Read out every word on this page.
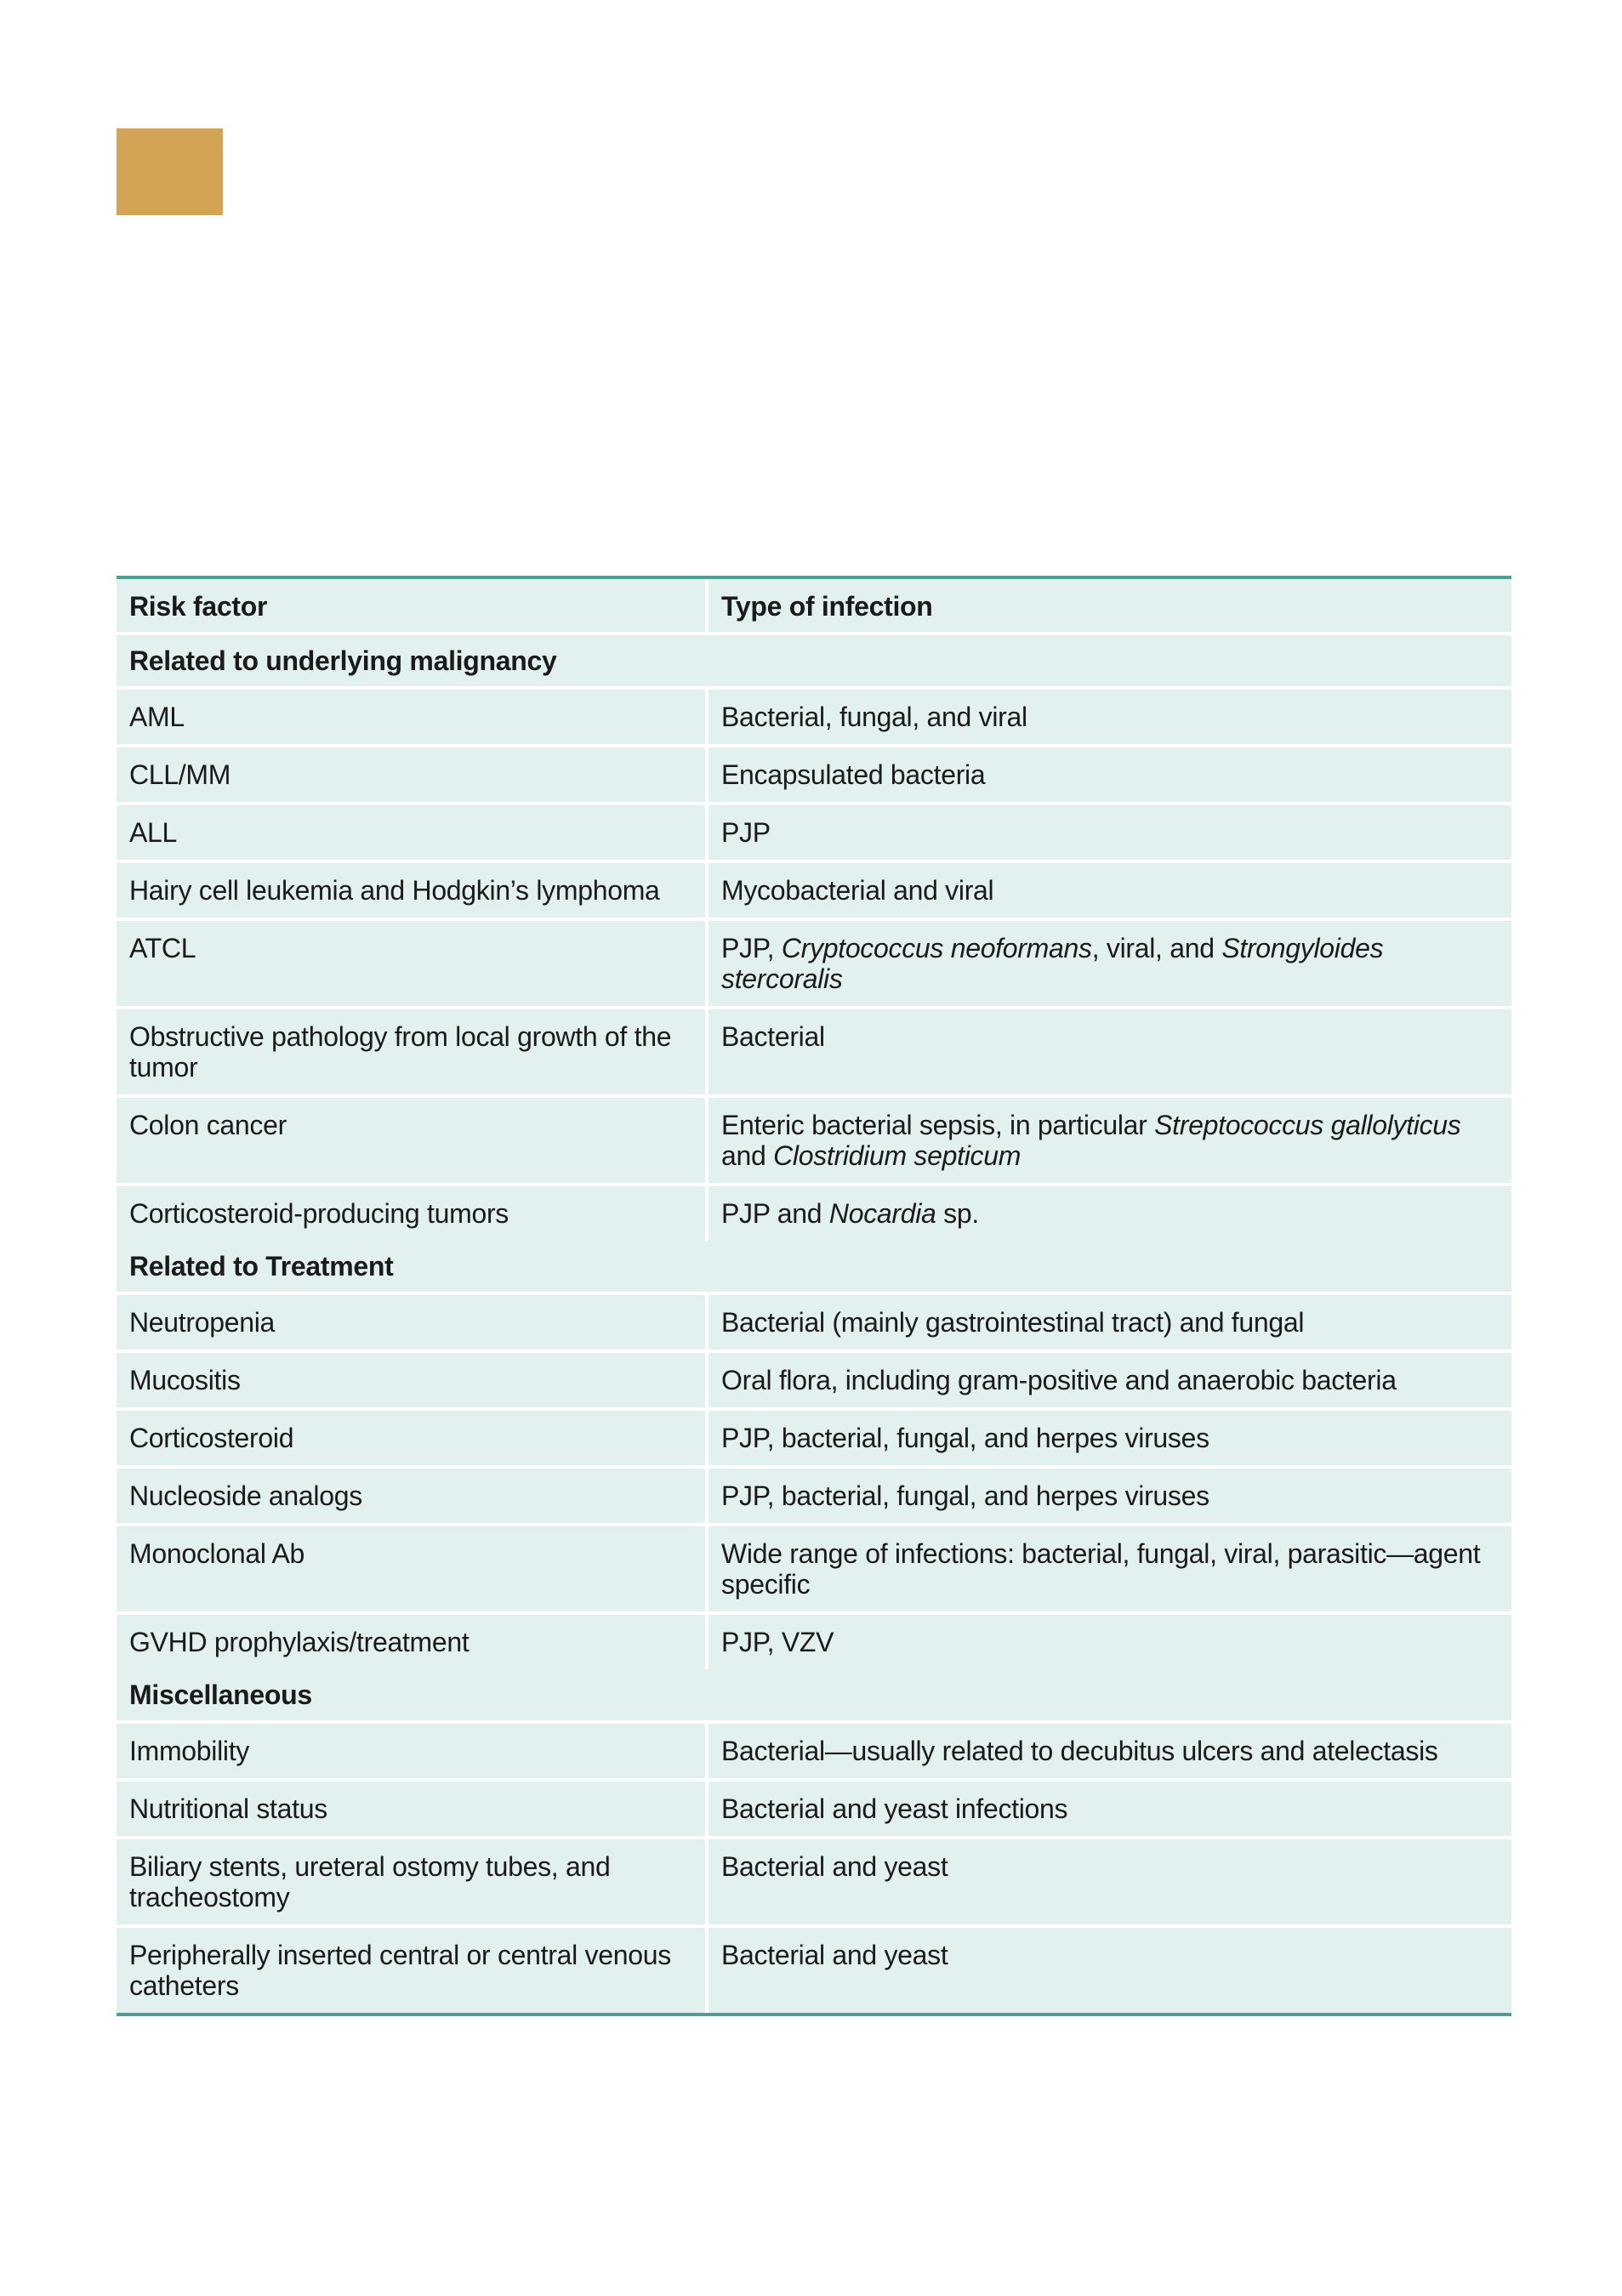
Risk factor	Type of infection
Related to underlying malignancy	
AML	Bacterial, fungal, and viral
CLL/MM	Encapsulated bacteria
ALL	PJP
Hairy cell leukemia and Hodgkin’s lymphoma	Mycobacterial and viral
ATCL	PJP, Cryptococcus neoformans, viral, and Strongyloides stercoralis
Obstructive pathology from local growth of the tumor	Bacterial
Colon cancer	Enteric bacterial sepsis, in particular Streptococcus gallolyticus and Clostridium septicum
Corticosteroid-producing tumors	PJP and Nocardia sp.
Related to Treatment	
Neutropenia	Bacterial (mainly gastrointestinal tract) and fungal
Mucositis	Oral flora, including gram-positive and anaerobic bacteria
Corticosteroid	PJP, bacterial, fungal, and herpes viruses
Nucleoside analogs	PJP, bacterial, fungal, and herpes viruses
Monoclonal Ab	Wide range of infections: bacterial, fungal, viral, parasitic—agent specific
GVHD prophylaxis/treatment	PJP, VZV
Miscellaneous	
Immobility	Bacterial—usually related to decubitus ulcers and atelectasis
Nutritional status	Bacterial and yeast infections
Biliary stents, ureteral ostomy tubes, and tracheostomy	Bacterial and yeast
Peripherally inserted central or central venous catheters	Bacterial and yeast
